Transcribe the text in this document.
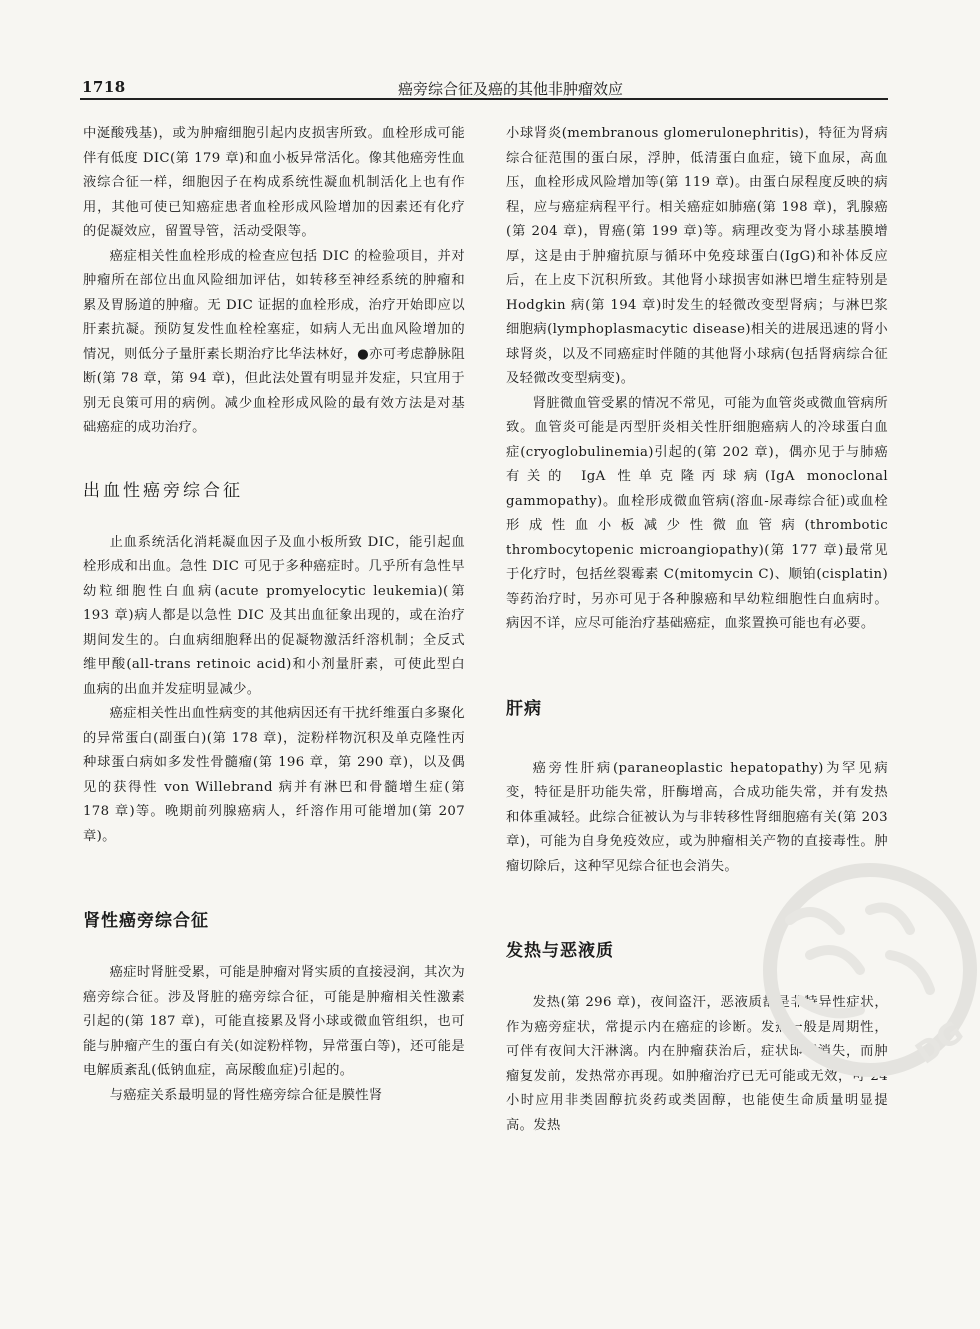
1718	癌旁综合征及癌的其他非肿瘤效应

中涎酸残基)，或为肿瘤细胞引起内皮损害所致。血栓形成可能伴有低度 DIC(第 179 章)和血小板异常活化。像其他癌旁性血液综合征一样，细胞因子在构成系统性凝血机制活化上也有作用，其他可使已知癌症患者血栓形成风险增加的因素还有化疗的促凝效应，留置导管，活动受限等。

癌症相关性血栓形成的检查应包括 DIC 的检验项目，并对肿瘤所在部位出血风险细加评估，如转移至神经系统的肿瘤和累及胃肠道的肿瘤。无 DIC 证据的血栓形成，治疗开始即应以肝素抗凝。预防复发性血栓栓塞症，如病人无出血风险增加的情况，则低分子量肝素长期治疗比华法林好，●亦可考虑静脉阻断(第 78 章，第 94 章)，但此法处置有明显并发症，只宜用于别无良策可用的病例。减少血栓形成风险的最有效方法是对基础癌症的成功治疗。

出血性癌旁综合征

止血系统活化消耗凝血因子及血小板所致 DIC，能引起血栓形成和出血。急性 DIC 可见于多种癌症时。几乎所有急性早幼粒细胞性白血病(acute promyelocytic leukemia)(第 193 章)病人都是以急性 DIC 及其出血征象出现的，或在治疗期间发生的。白血病细胞释出的促凝物激活纤溶机制；全反式维甲酸(all-trans retinoic acid)和小剂量肝素，可使此型白血病的出血并发症明显减少。

癌症相关性出血性病变的其他病因还有干扰纤维蛋白多聚化的异常蛋白(副蛋白)(第 178 章)，淀粉样物沉积及单克隆性丙种球蛋白病如多发性骨髓瘤(第 196 章，第 290 章)，以及偶见的获得性 von Willebrand 病并有淋巴和骨髓增生症(第 178 章)等。晚期前列腺癌病人，纤溶作用可能增加(第 207 章)。

肾性癌旁综合征

癌症时肾脏受累，可能是肿瘤对肾实质的直接浸润，其次为癌旁综合征。涉及肾脏的癌旁综合征，可能是肿瘤相关性激素引起的(第 187 章)，可能直接累及肾小球或微血管组织，也可能与肿瘤产生的蛋白有关(如淀粉样物，异常蛋白等)，还可能是电解质紊乱(低钠血症，高尿酸血症)引起的。

与癌症关系最明显的肾性癌旁综合征是膜性肾

小球肾炎(membranous glomerulonephritis)，特征为肾病综合征范围的蛋白尿，浮肿，低清蛋白血症，镜下血尿，高血压，血栓形成风险增加等(第 119 章)。由蛋白尿程度反映的病程，应与癌症病程平行。相关癌症如肺癌(第 198 章)，乳腺癌(第 204 章)，胃癌(第 199 章)等。病理改变为肾小球基膜增厚，这是由于肿瘤抗原与循环中免疫球蛋白(IgG)和补体反应后，在上皮下沉积所致。其他肾小球损害如淋巴增生症特别是 Hodgkin 病(第 194 章)时发生的轻微改变型肾病；与淋巴浆细胞病(lymphoplasmacytic disease)相关的进展迅速的肾小球肾炎，以及不同癌症时伴随的其他肾小球病(包括肾病综合征及轻微改变型病变)。

肾脏微血管受累的情况不常见，可能为血管炎或微血管病所致。血管炎可能是丙型肝炎相关性肝细胞癌病人的冷球蛋白血症(cryoglobulinemia)引起的(第 202 章)，偶亦见于与肺癌有关的 IgA 性单克隆丙球病(IgA monoclonal gammopathy)。血栓形成微血管病(溶血-尿毒综合征)或血栓形成性血小板减少性微血管病(thrombotic thrombocytopenic microangiopathy)(第 177 章)最常见于化疗时，包括丝裂霉素 C(mitomycin C)、顺铂(cisplatin)等药治疗时，另亦可见于各种腺癌和早幼粒细胞性白血病时。病因不详，应尽可能治疗基础癌症，血浆置换可能也有必要。

肝病

癌旁性肝病(paraneoplastic hepatopathy)为罕见病变，特征是肝功能失常，肝酶增高，合成功能失常，并有发热和体重减轻。此综合征被认为与非转移性肾细胞癌有关(第 203 章)，可能为自身免疫效应，或为肿瘤相关产物的直接毒性。肿瘤切除后，这种罕见综合征也会消失。

发热与恶液质

发热(第 296 章)，夜间盗汗，恶液质都是非特异性症状，作为癌旁症状，常提示内在癌症的诊断。发热一般是周期性，可伴有夜间大汗淋漓。内在肿瘤获治后，症状即可消失，而肿瘤复发前，发热常亦再现。如肿瘤治疗已无可能或无效，可 24 小时应用非类固醇抗炎药或类固醇，也能使生命质量明显提高。发热

DG
